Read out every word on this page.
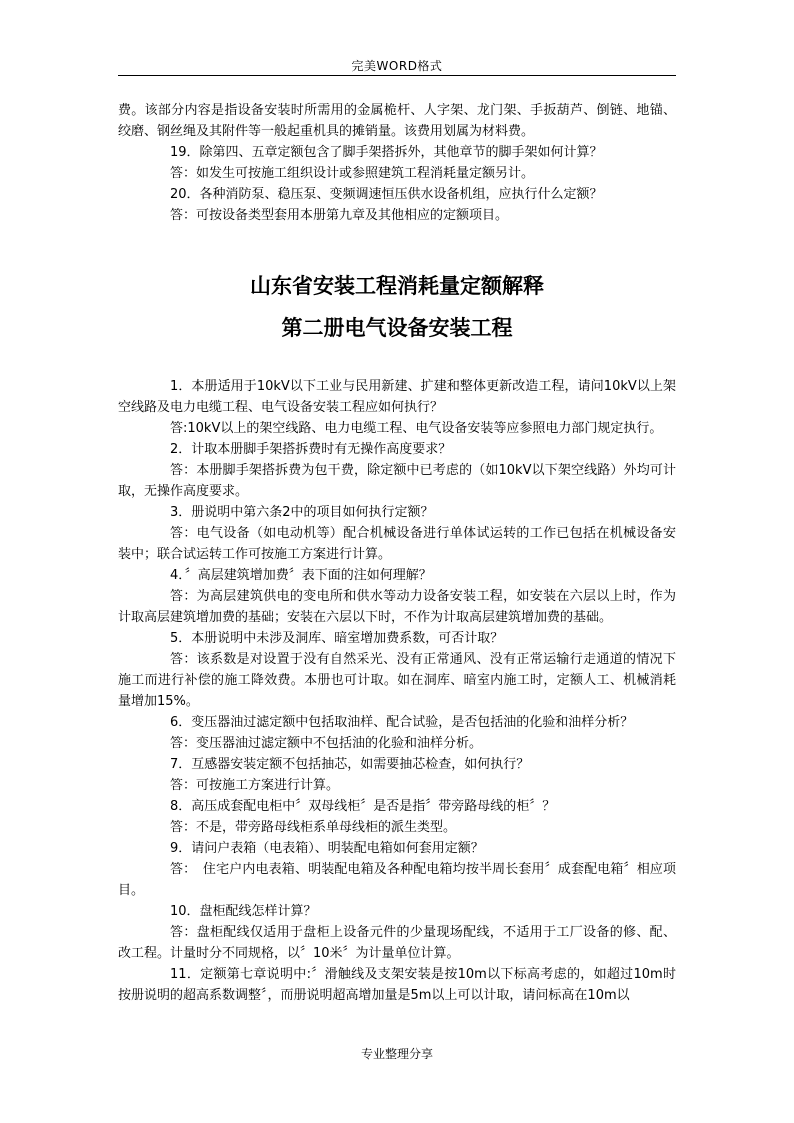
完美WORD格式

费。该部分内容是指设备安装时所需用的金属桅杆、人字架、龙门架、手扳葫芦、倒链、地锚、绞磨、钢丝绳及其附件等一般起重机具的摊销量。该费用划属为材料费。

19．除第四、五章定额包含了脚手架搭拆外，其他章节的脚手架如何计算？

答：如发生可按施工组织设计或参照建筑工程消耗量定额另计。

20．各种消防泵、稳压泵、变频调速恒压供水设备机组，应执行什么定额？

答：可按设备类型套用本册第九章及其他相应的定额项目。

山东省安装工程消耗量定额解释
第二册电气设备安装工程

1．本册适用于10kV以下工业与民用新建、扩建和整体更新改造工程，请问10kV以上架空线路及电力电缆工程、电气设备安装工程应如何执行？

答:10kV以上的架空线路、电力电缆工程、电气设备安装等应参照电力部门规定执行。

2．计取本册脚手架搭拆费时有无操作高度要求？

答：本册脚手架搭拆费为包干费，除定额中已考虑的（如10kV以下架空线路）外均可计取，无操作高度要求。

3．册说明中第六条2中的项目如何执行定额？

答：电气设备（如电动机等）配合机械设备进行单体试运转的工作已包括在机械设备安装中；联合试运转工作可按施工方案进行计算。

4．〞高层建筑增加费〞表下面的注如何理解？

答：为高层建筑供电的变电所和供水等动力设备安装工程，如安装在六层以上时，作为计取高层建筑增加费的基础；安装在六层以下时，不作为计取高层建筑增加费的基础。

5．本册说明中未涉及洞库、暗室增加费系数，可否计取？

答：该系数是对设置于没有自然采光、没有正常通风、没有正常运输行走通道的情况下施工而进行补偿的施工降效费。本册也可计取。如在洞库、暗室内施工时，定额人工、机械消耗量增加15%。

6．变压器油过滤定额中包括取油样、配合试验，是否包括油的化验和油样分析？

答：变压器油过滤定额中不包括油的化验和油样分析。

7．互感器安装定额不包括抽芯，如需要抽芯检查，如何执行？

答：可按施工方案进行计算。

8．高压成套配电柜中〞双母线柜〞是否是指〞带旁路母线的柜〞？

答：不是，带旁路母线柜系单母线柜的派生类型。

9．请问户表箱（电表箱）、明装配电箱如何套用定额？

答：　住宅户内电表箱、明装配电箱及各种配电箱均按半周长套用〞成套配电箱〞相应项目。

10．盘柜配线怎样计算？

答：盘柜配线仅适用于盘柜上设备元件的少量现场配线，不适用于工厂设备的修、配、改工程。计量时分不同规格，以〞10米〞为计量单位计算。

11．定额第七章说明中:〞滑触线及支架安装是按10m以下标高考虑的，如超过10m时按册说明的超高系数调整〞，而册说明超高增加量是5m以上可以计取，请问标高在10m以

专业整理分享
